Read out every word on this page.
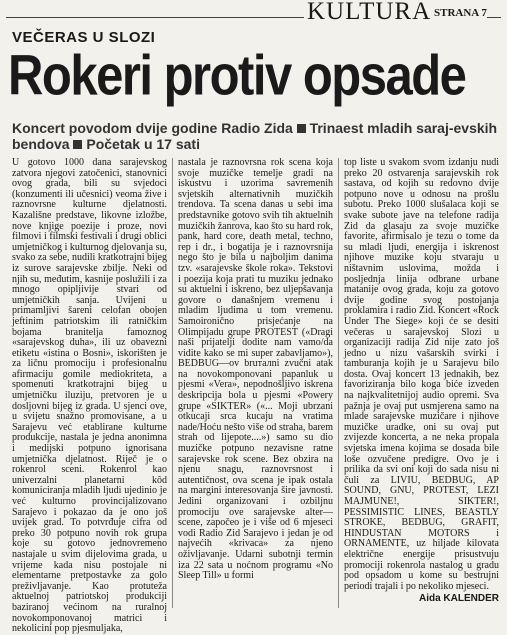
KULTURA STRANA 7
VEČERAS U SLOZI
Rokeri protiv opsade
Koncert povodom dvije godine Radio Zida Trinaest mladih saraj-evskih bendova Početak u 17 sati

U gotovo 1000 dana sarajevskog zatvora njegovi zatočenici, stanovnici ovog grada, bili su svjedoci (konzumenti ili učesnici) veoma žive i raznovrsne kulturne djelatnosti. Kazališne predstave, likovne izložbe, nove knjige poezije i proze, novi filmovi i filmski festivali i drugi oblici umjetničkog i kulturnog djelovanja su, svako za sebe, nudili kratkotrajni bijeg iz surove sarajevske zbilje. Neki od njih su, međutim, kasnije poslužili i za mnogo opipljivije stvari od umjetničkih sanja. Uvijeni u primamljivi šareni celofan obojen jeftinim patriotskim ili ratničkim bojama branitelja famoznog «sarajevskog duha», ili uz obavezni etiketu «istina o Bosni», iskorišten je za ličnu promociju i profesionalnu afirmaciju gomile mediokriteta, a spomenuti kratkotrajni bijeg u umjetničku iluziju, pretvoren je u dosljovni bijeg iz grada. U sjenci ove, u svijetu snažno promovisane, a u Sarajevu već etablirane kulturne produkcije, nastala je jedna anonimna i medijski potpuno ignorisana umjetnička djelatnost. Riječ je o rokenrol sceni. Rokenrol kao univerzalni planetarni kôd komuniciranja mladih ljudi ujedinio je već kulturno provincijalizovano Sarajevo i pokazao da je ono još uvijek grad. To potvrđuje cifra od preko 30 potpuno novih rok grupa koje su gotovo jednovremeno nastajale u svim dijelovima grada, u vrijeme kada nisu postojale ni elementarne pretpostavke za golo preživljavanje. Kao protuteža aktuelnoj patriotskoj produkciji baziranoj većinom na ruralnoj novokomponovanoj matrici i nekolicini pop pjesmuljaka,

nastala je raznovrsna rok scena koja svoje muzičke temelje gradi na iskustvu i uzorima savremenih svjetskih alternativnih muzičkih trendova. Ta scena danas u sebi ima predstavnike gotovo svih tih aktuelnih muzičkih žanrova, kao što su hard rok, pank, hard core, death metal, techno, rep i dr., i bogatija je i raznovrsnija nego što je bila u najboljim danima tzv. «sarajevske škole roka». Tekstovi i poezija koja prati tu muziku jednako su aktuelni i iskreno, bez uljepšavanja govore o današnjem vremenu i mladim ljudima u tom vremenu. Samoironično prisjećanje na Olimpijadu grupe PROTEST («Dragi naši prijatelji dodite nam vamo/da vidite kako se mi super zabavljamo»), BEDBUG—ov bruталni zvučni atak na novokomponovani papanluk u pjesmi «Vera», nepodnošljivo iskrena deskripcija bola u pjesmi «Powerу grupe «SIKTER» («... Moji ubrzani otkucaji srca kucaju na vratima nade/Hoću nešto više od straha, barem strah od lijepote....») samo su dio muzičke potpuno nezavisne ratne sarajevske rok scene. Bez obzira na njenu snagu, raznovrsnost i autentičnost, ova scena je ipak ostala na margini interesovanja šire javnosti. Jedini organizovani i ozbiljnu promociju ove sarajevske alter—scene, započeo je i više od 6 mjeseci vodi Radio Zid Sarajevo i jedan je od najvećih «krivaca» za njeno oživljavanje. Udarni subotnji termin iza 22 sata u noćnom programu «No Sleep Till» u formi

top liste u svakom svom izdanju nudi preko 20 ostvarenja sarajevskih rok sastava, od kojih su redovno dvije potpuno nove u odnosu na prošlu subotu. Preko 1000 slušalaca koji se svake subote jave na telefone radija Zid da glasaju za svoje muzičke favorite, afirmisalo je tezu o tome da su mladi ljudi, energija i iskrenost njihove muzike koju stvaraju u ništavnim uslovima, možda i posljednja linija odbrane urbane matanije ovog grada, koju za gotovo dvije godine svog postojanja proklamira i radio Zid. Koncert «Rock Under The Siege» koji će se desiti večeras u sarajevskoj Slozi u organizaciji radija Zid nije zato još jedno u nizu vašarskih svirki i tamburanja kojih je u Sarajevu bilo dosta. Ovaj koncert 13 jednakih, bez favoriziranja bilo koga biće izveden na najkvalitetnijoj audio opremi. Sva pažnja je ovaj put usmjerena samo na mlade sarajevske muzičare i njihove muzičke uradke, oni su ovaj put zvijezde koncerta, a ne neka propala svjetska imena kojima se dosada bile loše ozvučene predigre. Ovo je i prilika da svi oni koji do sada nisu ni čuli za LIVIU, BEDBUG, AP SOUND, GNU, PROTEST, LEZI MAJMUNE!, SIKTER!, PESSIMISTIC LINES, BEASTLY STROKE, BEDBUG, GRAFIT, HINDUSTAN MOTORS i ORNAMENTE, uz hiljade kilovata električne energije prisustvuju promociji rokenrola nastalog u gradu pod opsadom u kome su bestrujni periodi trajali i po nekoliko mjeseci.

Aida KALENDER
